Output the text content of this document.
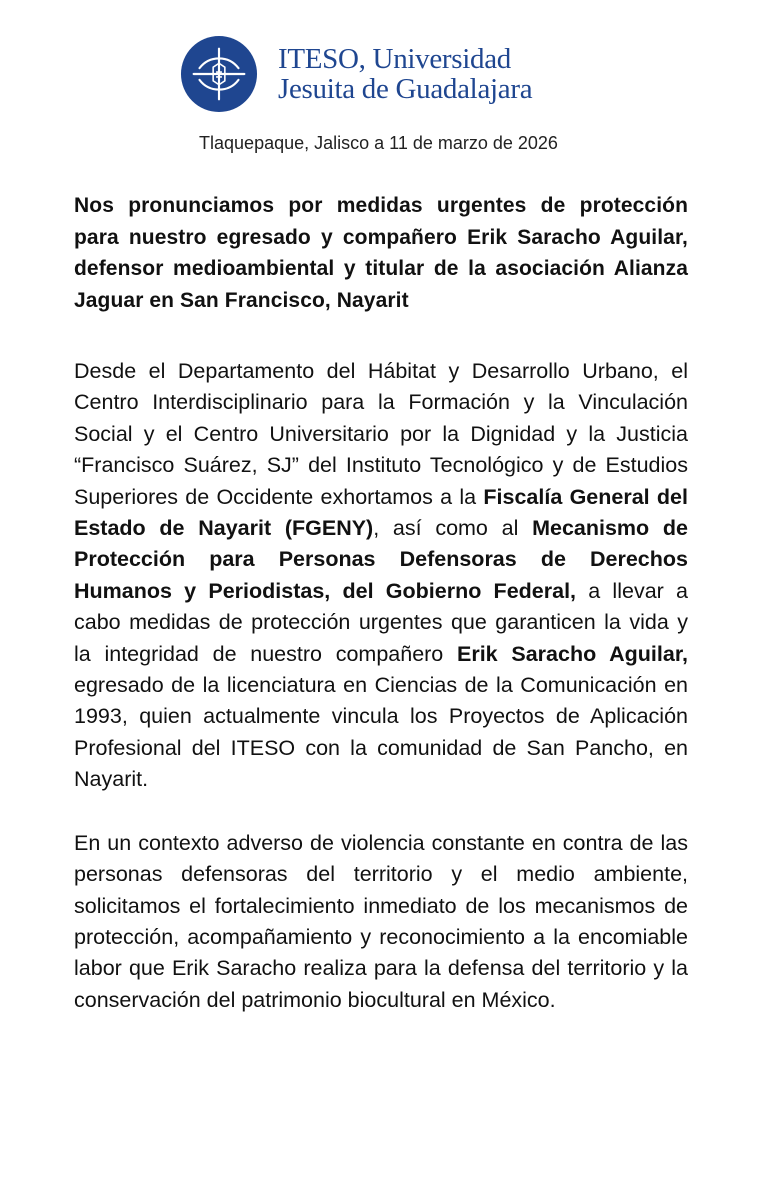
ITESO, Universidad
Jesuita de Guadalajara
Tlaquepaque, Jalisco a 11 de marzo de 2026

Nos pronunciamos por medidas urgentes de protección para nuestro egresado y compañero Erik Saracho Aguilar, defensor medioambiental y titular de la asociación Alianza Jaguar en San Francisco, Nayarit

Desde el Departamento del Hábitat y Desarrollo Urbano, el Centro Interdisciplinario para la Formación y la Vinculación Social y el Centro Universitario por la Dignidad y la Justicia “Francisco Suárez, SJ” del Instituto Tecnológico y de Estudios Superiores de Occidente exhortamos a la Fiscalía General del Estado de Nayarit (FGENY), así como al Mecanismo de Protección para Personas Defensoras de Derechos Humanos y Periodistas, del Gobierno Federal, a llevar a cabo medidas de protección urgentes que garanticen la vida y la integridad de nuestro compañero Erik Saracho Aguilar, egresado de la licenciatura en Ciencias de la Comunicación en 1993, quien actualmente vincula los Proyectos de Aplicación Profesional del ITESO con la comunidad de San Pancho, en Nayarit.

En un contexto adverso de violencia constante en contra de las personas defensoras del territorio y el medio ambiente, solicitamos el fortalecimiento inmediato de los mecanismos de protección, acompañamiento y reconocimiento a la encomiable labor que Erik Saracho realiza para la defensa del territorio y la conservación del patrimonio biocultural en México.
